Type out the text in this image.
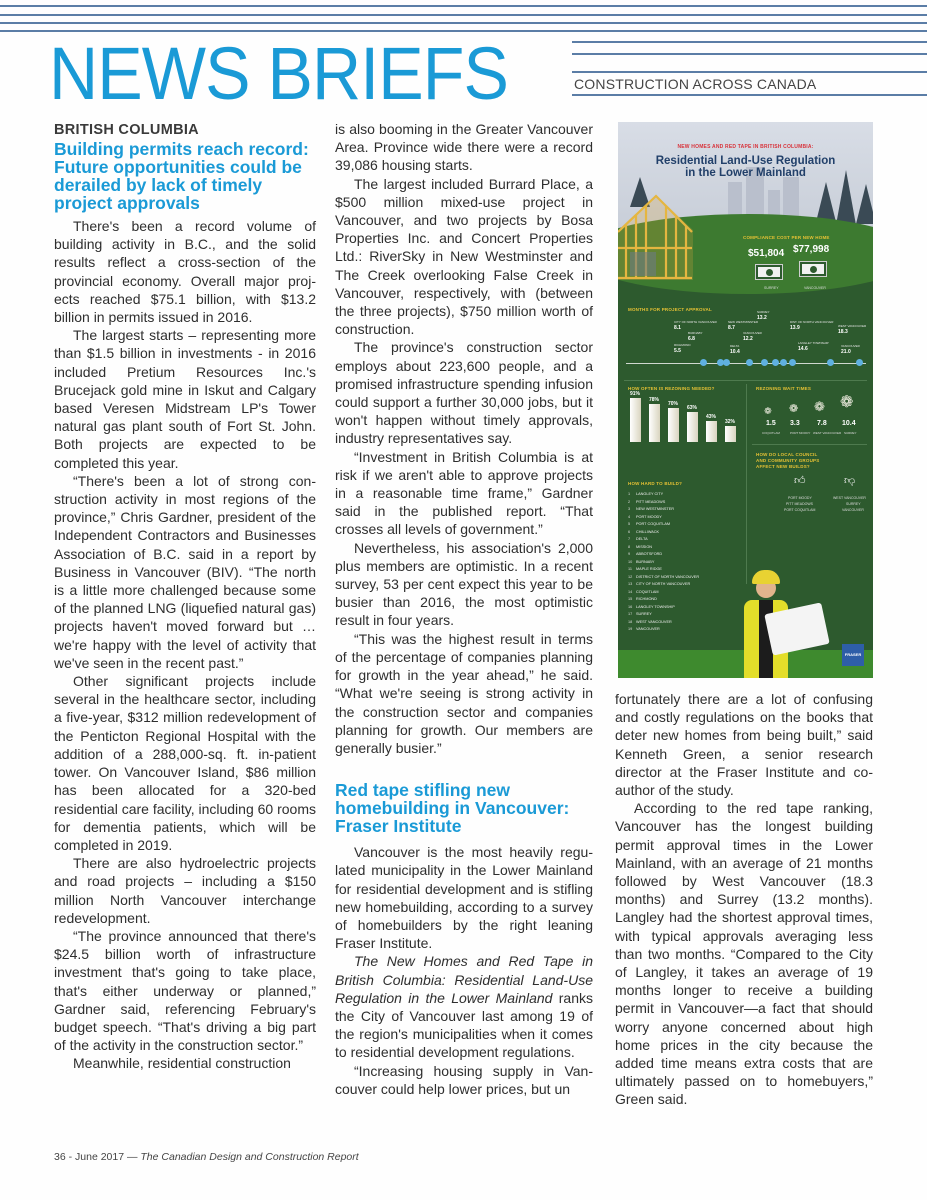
NEWS BRIEFS	CONSTRUCTION ACROSS CANADA
BRITISH COLUMBIA
Building permits reach record: Future opportunities could be derailed by lack of timely project approvals

There's been a record volume of building activity in B.C., and the solid results reflect a cross-section of the provincial economy. Overall major projects reached $75.1 billion, with $13.2 billion in permits issued in 2016.

The largest starts – representing more than $1.5 billion in investments - in 2016 included Pretium Resources Inc.'s Brucejack gold mine in Iskut and Calgary based Veresen Midstream LP's Tower natural gas plant south of Fort St. John. Both projects are expected to be completed this year.

“There's been a lot of strong construction activity in most regions of the province,” Chris Gardner, president of the Independent Contractors and Businesses Association of B.C. said in a report by Business in Vancouver (BIV). “The north is a little more challenged because some of the planned LNG (liquefied natural gas) projects haven't moved forward but … we're happy with the level of activity that we've seen in the recent past.”

Other significant projects include several in the healthcare sector, including a five-year, $312 million redevelopment of the Penticton Regional Hospital with the addition of a 288,000-sq. ft. in-patient tower. On Vancouver Island, $86 million has been allocated for a 320-bed residential care facility, including 60 rooms for dementia patients, which will be completed in 2019.

There are also hydroelectric projects and road projects – including a $150 million North Vancouver interchange redevelopment.

“The province announced that there's $24.5 billion worth of infrastructure investment that's going to take place, that's either underway or planned,” Gardner said, referencing February's budget speech. “That's driving a big part of the activity in the construction sector.”

Meanwhile, residential construction

is also booming in the Greater Vancouver Area. Province wide there were a record 39,086 housing starts.

The largest included Burrard Place, a $500 million mixed-use project in Vancouver, and two projects by Bosa Properties Inc. and Concert Properties Ltd.: RiverSky in New Westminster and The Creek overlooking False Creek in Vancouver, respectively, with (between the three projects), $750 million worth of construction.

The province's construction sector employs about 223,600 people, and a promised infrastructure spending infusion could support a further 30,000 jobs, but it won't happen without timely approvals, industry representatives say.

“Investment in British Columbia is at risk if we aren't able to approve projects in a reasonable time frame,” Gardner said in the published report. “That crosses all levels of government.”

Nevertheless, his association's 2,000 plus members are optimistic. In a recent survey, 53 per cent expect this year to be busier than 2016, the most optimistic result in four years.

“This was the highest result in terms of the percentage of companies planning for growth in the year ahead,” he said. “What we're seeing is strong activity in the construction sector and companies planning for growth. Our members are generally busier.”

Red tape stifling new homebuilding in Vancouver: Fraser Institute

Vancouver is the most heavily regulated municipality in the Lower Mainland for residential development and is stifling new homebuilding, according to a survey of homebuilders by the right leaning Fraser Institute.

The New Homes and Red Tape in British Columbia: Residential Land-Use Regulation in the Lower Mainland ranks the City of Vancouver last among 19 of the region's municipalities when it comes to residential development regulations.

“Increasing housing supply in Vancouver could help lower prices, but un

fortunately there are a lot of confusing and costly regulations on the books that deter new homes from being built,” said Kenneth Green, a senior research director at the Fraser Institute and co-author of the study.

According to the red tape ranking, Vancouver has the longest building permit approval times in the Lower Mainland, with an average of 21 months followed by West Vancouver (18.3 months) and Surrey (13.2 months). Langley had the shortest approval times, with typical approvals averaging less than two months. “Compared to the City of Langley, it takes an average of 19 months longer to receive a building permit in Vancouver—a fact that should worry anyone concerned about high home prices in the city because the added time means extra costs that are ultimately passed on to homebuyers,” Green said.

NEW HOMES AND RED TAPE IN BRITISH COLUMBIA:
Residential Land-Use Regulation
in the Lower Mainland
COMPLIANCE COST PER NEW HOME
$51,804 $77,998
SURREY	VANCOUVER
MONTHS FOR PROJECT APPROVAL
CITY OF NORTH VANCOUVER
8.1
BURNABY
6.8
RICHMOND
5.5
NEW WESTMINSTER
8.7
VANCOUVER
12.2
DELTA
10.4
SURREY
13.2
DIST. OF NORTH VANCOUVER
13.9
LANGLEY TOWNSHIP
14.6
WEST VANCOUVER
18.3
VANCOUVER
21.0
HOW OFTEN IS REZONING NEEDED?
91%
78%
70%
63%
43%
32%
REZONING WAIT TIMES
❁ ❁ ❁ ❁
1.5 3.3 7.8 10.4
COQUITLAM	PORT MOODY WEST VANCOUVER SURREY
HOW DO LOCAL COUNCIL
AND COMMUNITY GROUPS
AFFECT NEW BUILDS?
👍︎	👎︎
PORT MOODY
PITT MEADOWS
PORT COQUITLAM
WEST VANCOUVER
SURREY
VANCOUVER
HOW HARD TO BUILD?
1 LANGLEY CITY
2 PITT MEADOWS
3 NEW WESTMINSTER
4 PORT MOODY
5 PORT COQUITLAM
6 CHILLIWACK
7 DELTA
8 MISSION
9 ABBOTSFORD
10 BURNABY
11 MAPLE RIDGE
12 DISTRICT OF NORTH VANCOUVER
13 CITY OF NORTH VANCOUVER
14 COQUITLAM
15 RICHMOND
16 LANGLEY TOWNSHIP
17 SURREY
18 WEST VANCOUVER
19 VANCOUVER
FRASER
36 - June 2017 — The Canadian Design and Construction Report
